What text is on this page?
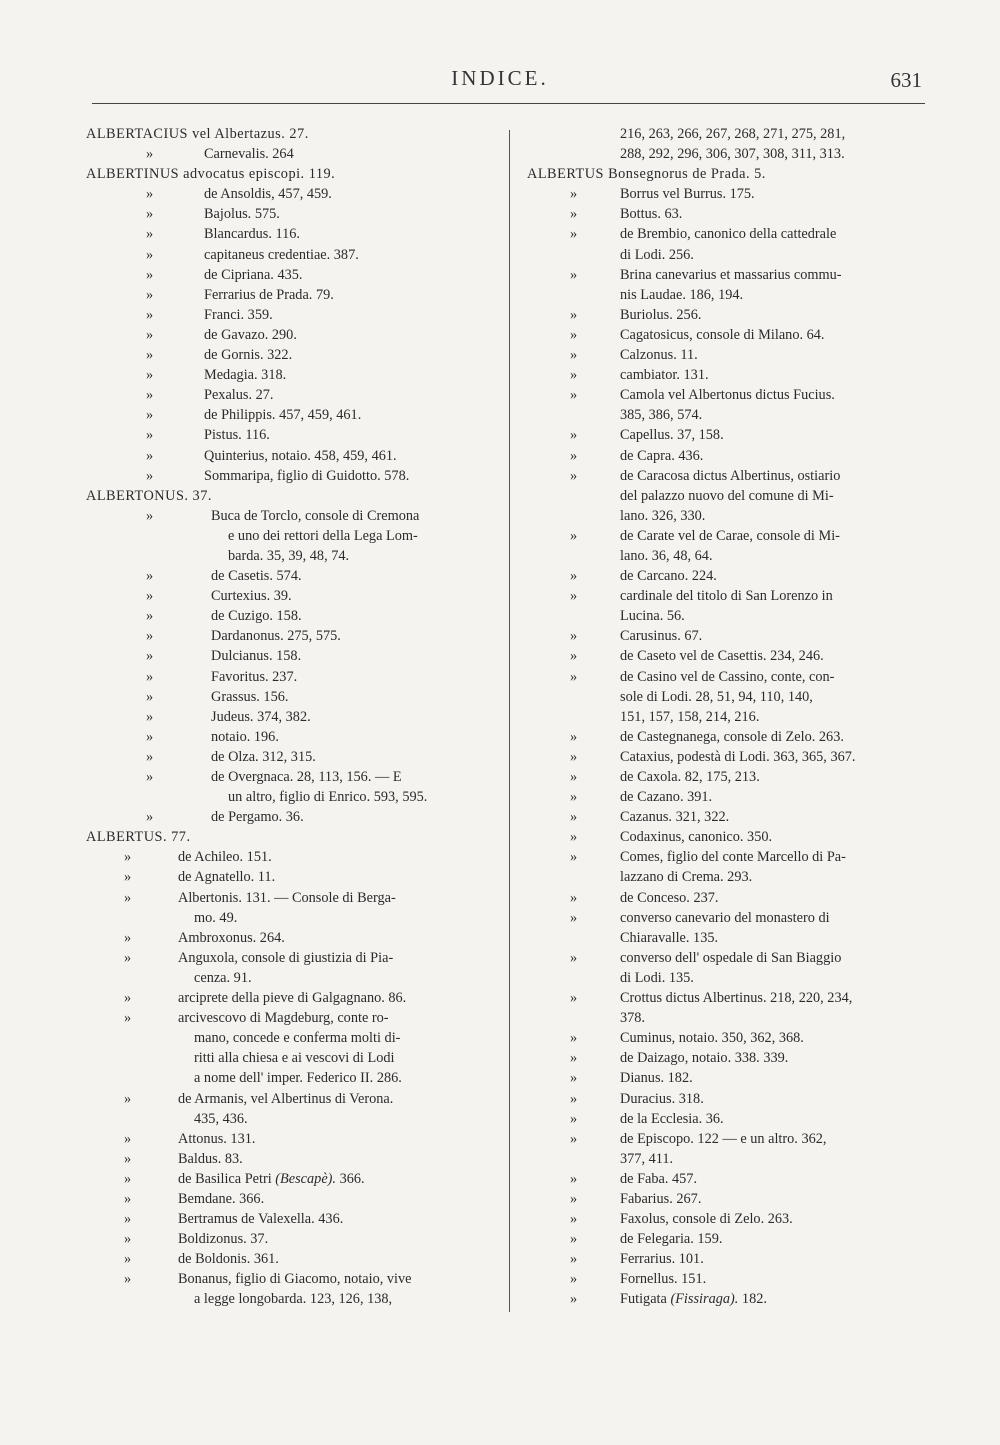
INDICE.	631
ALBERTACIUS vel Albertazus. 27.
»	Carnevalis. 264
ALBERTINUS advocatus episcopi. 119.
»	de Ansoldis, 457, 459.
»	Bajolus. 575.
»	Blancardus. 116.
»	capitaneus credentiae. 387.
»	de Cipriana. 435.
»	Ferrarius de Prada. 79.
»	Franci. 359.
»	de Gavazo. 290.
»	de Gornis. 322.
»	Medagia. 318.
»	Pexalus. 27.
»	de Philippis. 457, 459, 461.
»	Pistus. 116.
»	Quinterius, notaio. 458, 459, 461.
»	Sommaripa, figlio di Guidotto. 578.
ALBERTONUS. 37.
»	Buca de Torclo, console di Cremona
e uno dei rettori della Lega Lom-
barda. 35, 39, 48, 74.
»	de Casetis. 574.
»	Curtexius. 39.
»	de Cuzigo. 158.
»	Dardanonus. 275, 575.
»	Dulcianus. 158.
»	Favoritus. 237.
»	Grassus. 156.
»	Judeus. 374, 382.
»	notaio. 196.
»	de Olza. 312, 315.
»	de Overgnaca. 28, 113, 156. — E
un altro, figlio di Enrico. 593, 595.
»	de Pergamo. 36.
ALBERTUS. 77.
»	de Achileo. 151.
»	de Agnatello. 11.
»	Albertonis. 131. — Console di Berga-
mo. 49.
»	Ambroxonus. 264.
»	Anguxola, console di giustizia di Pia-
cenza. 91.
»	arciprete della pieve di Galgagnano. 86.
»	arcivescovo di Magdeburg, conte ro-
mano, concede e conferma molti di-
ritti alla chiesa e ai vescovi di Lodi
a nome dell' imper. Federico II. 286.
»	de Armanis, vel Albertinus di Verona.
435, 436.
»	Attonus. 131.
»	Baldus. 83.
»	de Basilica Petri (Bescapè). 366.
»	Bemdane. 366.
»	Bertramus de Valexella. 436.
»	Boldizonus. 37.
»	de Boldonis. 361.
»	Bonanus, figlio di Giacomo, notaio, vive
a legge longobarda. 123, 126, 138,
216, 263, 266, 267, 268, 271, 275, 281,
288, 292, 296, 306, 307, 308, 311, 313.
ALBERTUS Bonsegnorus de Prada. 5.
»	Borrus vel Burrus. 175.
»	Bottus. 63.
»	de Brembio, canonico della cattedrale
di Lodi. 256.
»	Brina canevarius et massarius commu-
nis Laudae. 186, 194.
»	Buriolus. 256.
»	Cagatosicus, console di Milano. 64.
»	Calzonus. 11.
»	cambiator. 131.
»	Camola vel Albertonus dictus Fucius.
385, 386, 574.
»	Capellus. 37, 158.
»	de Capra. 436.
»	de Caracosa dictus Albertinus, ostiario
del palazzo nuovo del comune di Mi-
lano. 326, 330.
»	de Carate vel de Carae, console di Mi-
lano. 36, 48, 64.
»	de Carcano. 224.
»	cardinale del titolo di San Lorenzo in
Lucina. 56.
»	Carusinus. 67.
»	de Caseto vel de Casettis. 234, 246.
»	de Casino vel de Cassino, conte, con-
sole di Lodi. 28, 51, 94, 110, 140,
151, 157, 158, 214, 216.
»	de Castegnanega, console di Zelo. 263.
»	Cataxius, podestà di Lodi. 363, 365, 367.
»	de Caxola. 82, 175, 213.
»	de Cazano. 391.
»	Cazanus. 321, 322.
»	Codaxinus, canonico. 350.
»	Comes, figlio del conte Marcello di Pa-
lazzano di Crema. 293.
»	de Conceso. 237.
»	converso canevario del monastero di
Chiaravalle. 135.
»	converso dell' ospedale di San Biaggio
di Lodi. 135.
»	Crottus dictus Albertinus. 218, 220, 234,
378.
»	Cuminus, notaio. 350, 362, 368.
»	de Daizago, notaio. 338. 339.
»	Dianus. 182.
»	Duracius. 318.
»	de la Ecclesia. 36.
»	de Episcopo. 122 — e un altro. 362,
377, 411.
»	de Faba. 457.
»	Fabarius. 267.
»	Faxolus, console di Zelo. 263.
»	de Felegaria. 159.
»	Ferrarius. 101.
»	Fornellus. 151.
»	Futigata (Fissiraga). 182.
